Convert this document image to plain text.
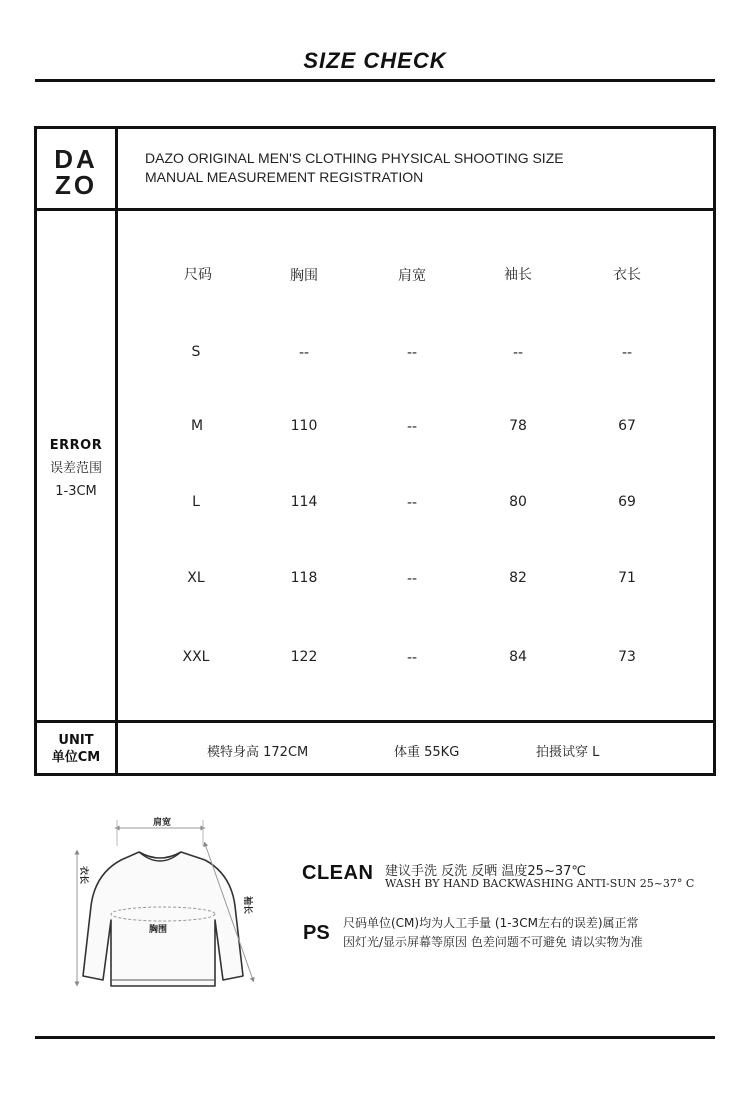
SIZE CHECK
DA
ZO
DAZO ORIGINAL MEN'S CLOTHING PHYSICAL SHOOTING SIZE
MANUAL MEASUREMENT REGISTRATION
ERROR
误差范围
1-3CM
尺码	胸围	肩宽	袖长	衣长
S	--	--	--	--
M	110	--	78	67
L	114	--	80	69
XL	118	--	82	71
XXL	122	--	84	73
UNIT
单位CM	模特身高 172CM	体重 55KG	拍摄试穿 L
肩宽
衣长
胸围
袖长
CLEAN 建议手洗 反洗 反晒 温度25~37℃
WASH BY HAND BACKWASHING ANTI-SUN 25~37° C
PS 尺码单位(CM)均为人工手量 (1-3CM左右的误差)属正常
因灯光/显示屏幕等原因 色差问题不可避免 请以实物为准
